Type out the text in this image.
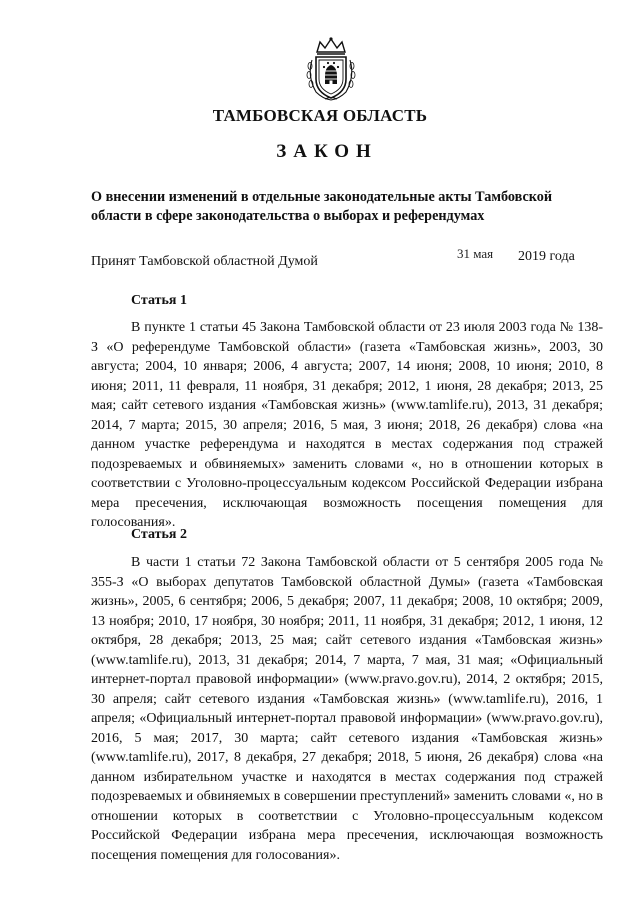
ТАМБОВСКАЯ ОБЛАСТЬ
ЗАКОН
О внесении изменений в отдельные законодательные акты Тамбовской области в сфере законодательства о выборах и референдумах
Принят Тамбовской областной Думой
31 мая 2019 года
Статья 1

В пункте 1 статьи 45 Закона Тамбовской области от 23 июля 2003 года № 138-З «О референдуме Тамбовской области» (газета «Тамбовская жизнь», 2003, 30 августа; 2004, 10 января; 2006, 4 августа; 2007, 14 июня; 2008, 10 июня; 2010, 8 июня; 2011, 11 февраля, 11 ноября, 31 декабря; 2012, 1 июня, 28 декабря; 2013, 25 мая; сайт сетевого издания «Тамбовская жизнь» (www.tamlife.ru), 2013, 31 декабря; 2014, 7 марта; 2015, 30 апреля; 2016, 5 мая, 3 июня; 2018, 26 декабря) слова «на данном участке референдума и находятся в местах содержания под стражей подозреваемых и обвиняемых» заменить словами «, но в отношении которых в соответствии с Уголовно-процессуальным кодексом Российской Федерации избрана мера пресечения, исключающая возможность посещения помещения для голосования».

Статья 2

В части 1 статьи 72 Закона Тамбовской области от 5 сентября 2005 года № 355-З «О выборах депутатов Тамбовской областной Думы» (газета «Тамбовская жизнь», 2005, 6 сентября; 2006, 5 декабря; 2007, 11 декабря; 2008, 10 октября; 2009, 13 ноября; 2010, 17 ноября, 30 ноября; 2011, 11 ноября, 31 декабря; 2012, 1 июня, 12 октября, 28 декабря; 2013, 25 мая; сайт сетевого издания «Тамбовская жизнь» (www.tamlife.ru), 2013, 31 декабря; 2014, 7 марта, 7 мая, 31 мая; «Официальный интернет-портал правовой информации» (www.pravo.gov.ru), 2014, 2 октября; 2015, 30 апреля; сайт сетевого издания «Тамбовская жизнь» (www.tamlife.ru), 2016, 1 апреля; «Официальный интернет-портал правовой информации» (www.pravo.gov.ru), 2016, 5 мая; 2017, 30 марта; сайт сетевого издания «Тамбовская жизнь» (www.tamlife.ru), 2017, 8 декабря, 27 декабря; 2018, 5 июня, 26 декабря) слова «на данном избирательном участке и находятся в местах содержания под стражей подозреваемых и обвиняемых в совершении преступлений» заменить словами «, но в отношении которых в соответствии с Уголовно-процессуальным кодексом Российской Федерации избрана мера пресечения, исключающая возможность посещения помещения для голосования».
